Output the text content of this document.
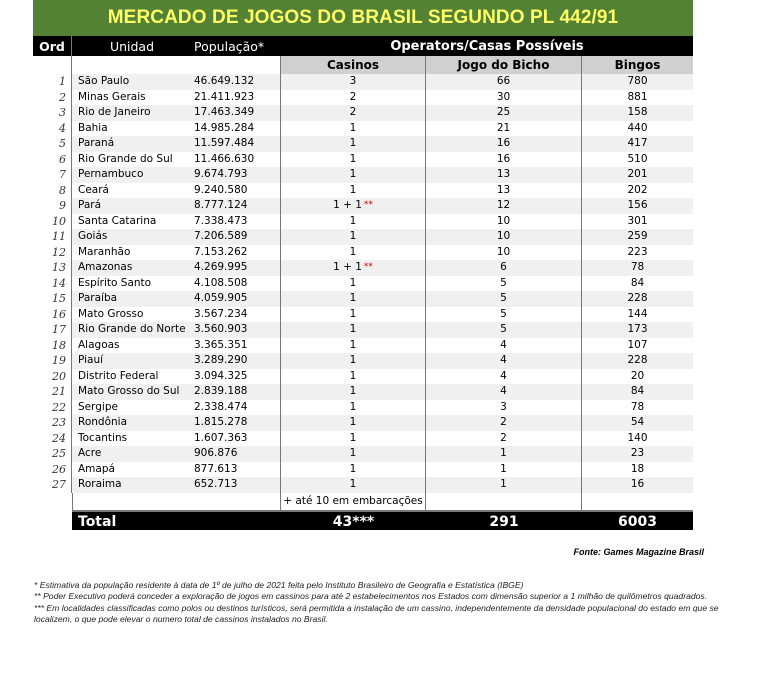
MERCADO DE JOGOS DO BRASIL SEGUNDO PL 442/91
Ord	Unidad	População*	Operators/Casas Possíveis
Casinos	Jogo do Bicho	Bingos
1	São Paulo	46.649.132	3	66	780
2	Minas Gerais	21.411.923	2	30	881
3	Rio de Janeiro	17.463.349	2	25	158
4	Bahia	14.985.284	1	21	440
5	Paraná	11.597.484	1	16	417
6	Rio Grande do Sul	11.466.630	1	16	510
7	Pernambuco	9.674.793	1	13	201
8	Ceará	9.240.580	1	13	202
9	Pará	8.777.124	1 + 1 **	12	156
10	Santa Catarina	7.338.473	1	10	301
11	Goiás	7.206.589	1	10	259
12	Maranhão	7.153.262	1	10	223
13	Amazonas	4.269.995	1 + 1 **	6	78
14	Espírito Santo	4.108.508	1	5	84
15	Paraíba	4.059.905	1	5	228
16	Mato Grosso	3.567.234	1	5	144
17	Rio Grande do Norte 3.560.903	1	5	173
18	Alagoas	3.365.351	1	4	107
19	Piauí	3.289.290	1	4	228
20	Distrito Federal	3.094.325	1	4	20
21	Mato Grosso do Sul	2.839.188	1	4	84
22	Sergipe	2.338.474	1	3	78
23	Rondônia	1.815.278	1	2	54
24	Tocantins	1.607.363	1	2	140
25	Acre	906.876	1	1	23
26	Amapá	877.613	1	1	18
27	Roraima	652.713	1	1	16
+ até 10 em embarcações
Total	43***	291	6003
Fonte: Games Magazine Brasil
* Estimativa da população residente à data de 1º de julho de 2021 feita pelo Instituto Brasileiro de Geografia e Estatística (IBGE)
** Poder Executivo poderá conceder a exploração de jogos em cassinos para até 2 estabelecimentos nos Estados com dimensão superior a 1 milhão de quilômetros quadrados.
*** Em localidades classificadas como polos ou destinos turísticos, será permitida a instalação de um cassino, independentemente da densidade populacional do estado em que se localizem, o que pode elevar o numero total de cassinos instalados no Brasil.
